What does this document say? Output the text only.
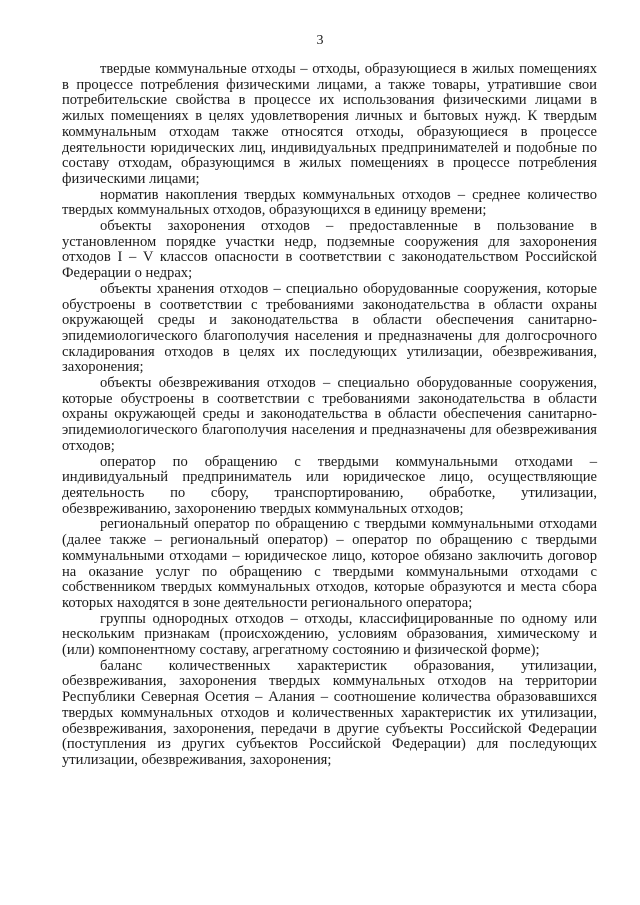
3

твердые коммунальные отходы – отходы, образующиеся в жилых помещениях в процессе потребления физическими лицами, а также товары, утратившие свои потребительские свойства в процессе их использования физическими лицами в жилых помещениях в целях удовлетворения личных и бытовых нужд. К твердым коммунальным отходам также относятся отходы, образующиеся в процессе деятельности юридических лиц, индивидуальных предпринимателей и подобные по составу отходам, образующимся в жилых помещениях в процессе потребления физическими лицами;

норматив накопления твердых коммунальных отходов – среднее количество твердых коммунальных отходов, образующихся в единицу времени;

объекты захоронения отходов – предоставленные в пользование в установленном порядке участки недр, подземные сооружения для захоронения отходов I – V классов опасности в соответствии с законодательством Российской Федерации о недрах;

объекты хранения отходов – специально оборудованные сооружения, которые обустроены в соответствии с требованиями законодательства в области охраны окружающей среды и законодательства в области обеспечения санитарно-эпидемиологического благополучия населения и предназначены для долгосрочного складирования отходов в целях их последующих утилизации, обезвреживания, захоронения;

объекты обезвреживания отходов – специально оборудованные сооружения, которые обустроены в соответствии с требованиями законодательства в области охраны окружающей среды и законодательства в области обеспечения санитарно-эпидемиологического благополучия населения и предназначены для обезвреживания отходов;

оператор по обращению с твердыми коммунальными отходами – индивидуальный предприниматель или юридическое лицо, осуществляющие деятельность по сбору, транспортированию, обработке, утилизации, обезвреживанию, захоронению твердых коммунальных отходов;

региональный оператор по обращению с твердыми коммунальными отходами (далее также – региональный оператор) – оператор по обращению с твердыми коммунальными отходами – юридическое лицо, которое обязано заключить договор на оказание услуг по обращению с твердыми коммунальными отходами с собственником твердых коммунальных отходов, которые образуются и места сбора которых находятся в зоне деятельности регионального оператора;

группы однородных отходов – отходы, классифицированные по одному или нескольким признакам (происхождению, условиям образования, химическому и (или) компонентному составу, агрегатному состоянию и физической форме);

баланс количественных характеристик образования, утилизации, обезвреживания, захоронения твердых коммунальных отходов на территории Республики Северная Осетия – Алания – соотношение количества образовавшихся твердых коммунальных отходов и количественных характеристик их утилизации, обезвреживания, захоронения, передачи в другие субъекты Российской Федерации (поступления из других субъектов Российской Федерации) для последующих утилизации, обезвреживания, захоронения;
